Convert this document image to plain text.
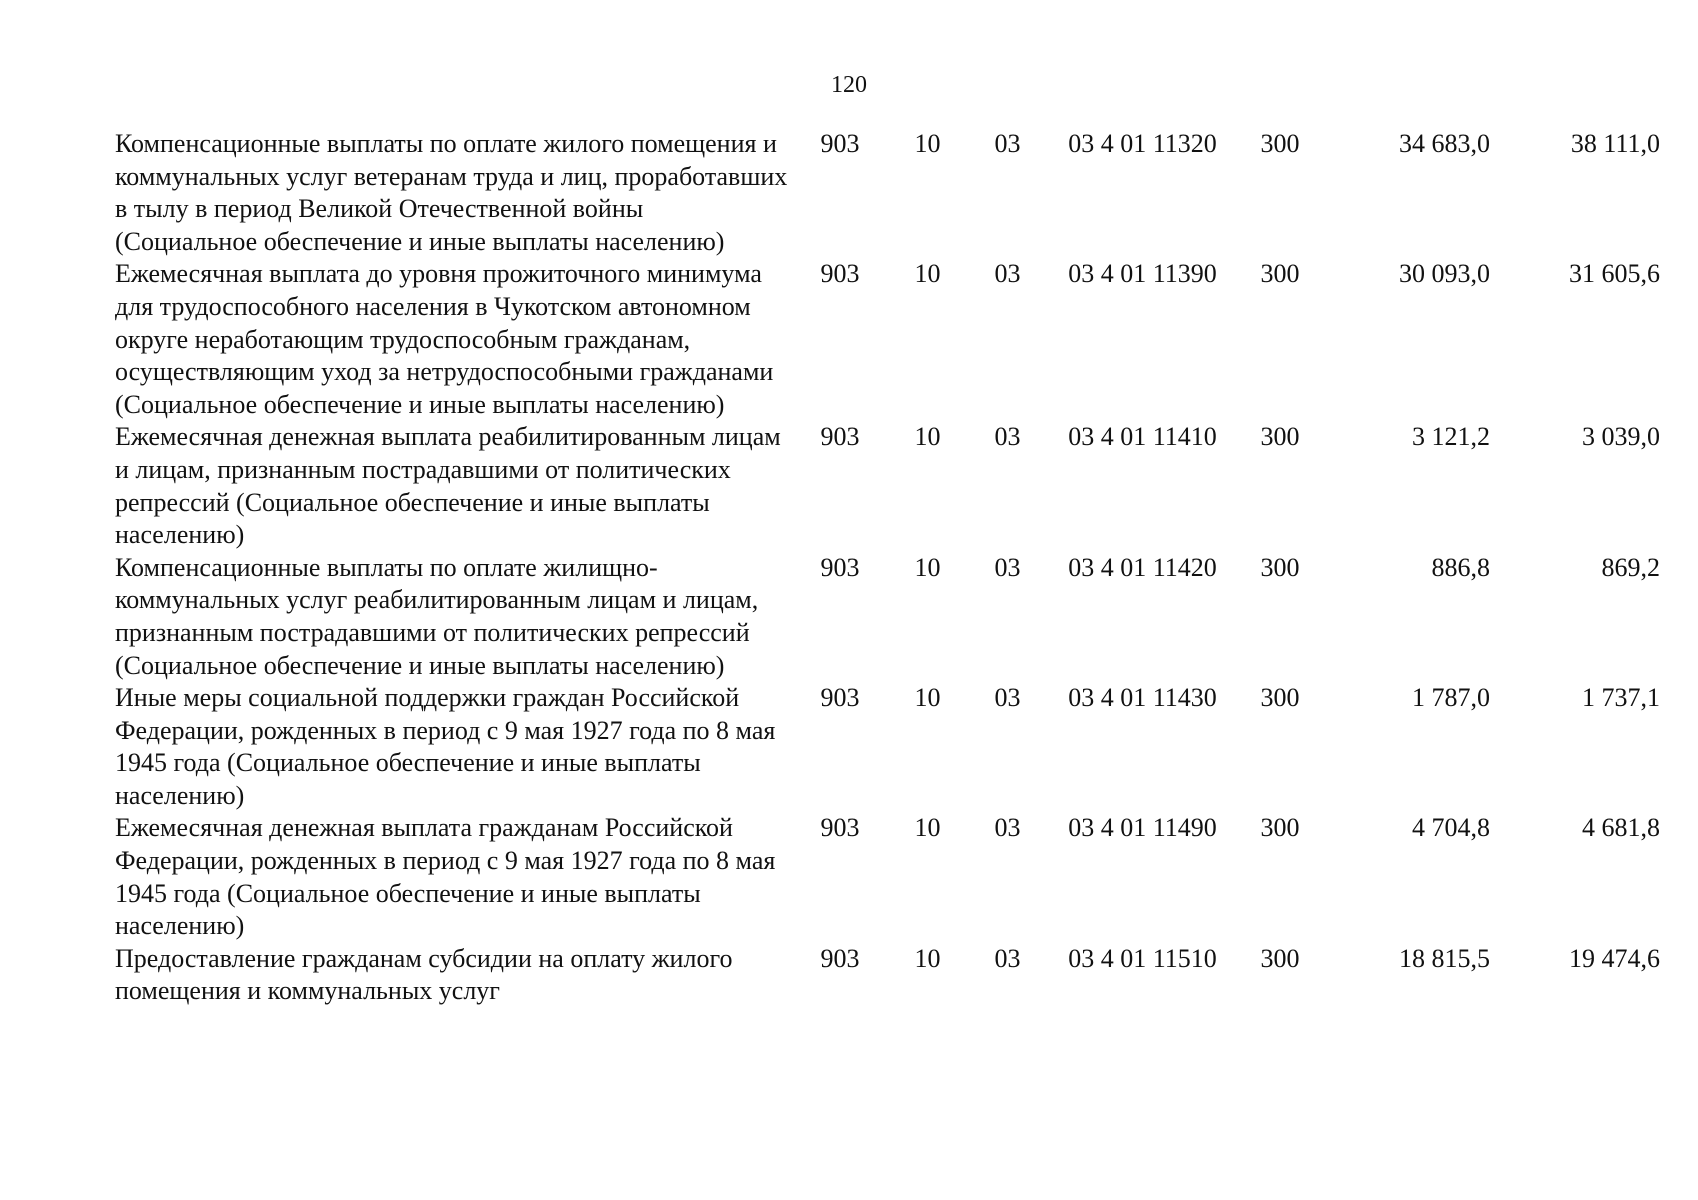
120
Компенсационные выплаты по оплате жилого помещения и коммунальных услуг ветеранам труда и лиц, проработавших в тылу в период Великой Отечественной войны (Социальное обеспечение и иные выплаты населению)	903	10	03	03 4 01 11320	300	34 683,0	38 111,0
Ежемесячная выплата до уровня прожиточного минимума для трудоспособного населения в Чукотском автономном округе неработающим трудоспособным гражданам, осуществляющим уход за нетрудоспособными гражданами (Социальное обеспечение и иные выплаты населению)	903	10	03	03 4 01 11390	300	30 093,0	31 605,6
Ежемесячная денежная выплата реабилитированным лицам и лицам, признанным пострадавшими от политических репрессий (Социальное обеспечение и иные выплаты населению)	903	10	03	03 4 01 11410	300	3 121,2	3 039,0
Компенсационные выплаты по оплате жилищно-коммунальных услуг реабилитированным лицам и лицам, признанным пострадавшими от политических репрессий (Социальное обеспечение и иные выплаты населению)	903	10	03	03 4 01 11420	300	886,8	869,2
Иные меры социальной поддержки граждан Российской Федерации, рожденных в период с 9 мая 1927 года по 8 мая 1945 года (Социальное обеспечение и иные выплаты населению)	903	10	03	03 4 01 11430	300	1 787,0	1 737,1
Ежемесячная денежная выплата гражданам Российской Федерации, рожденных в период с 9 мая 1927 года по 8 мая 1945 года (Социальное обеспечение и иные выплаты населению)	903	10	03	03 4 01 11490	300	4 704,8	4 681,8
Предоставление гражданам субсидии на оплату жилого помещения и коммунальных услуг	903	10	03	03 4 01 11510	300	18 815,5	19 474,6
